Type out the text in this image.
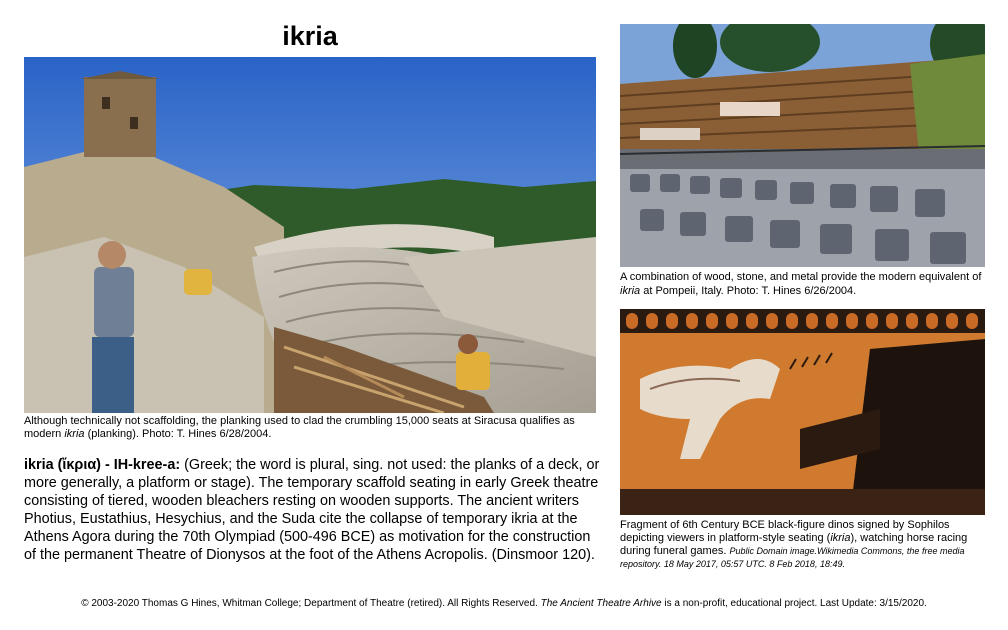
ikria
Although technically not scaffolding, the planking used to clad the crumbling 15,000 seats at Siracusa qualifies as modern ikria (planking). Photo: T. Hines 6/28/2004.
A combination of wood, stone, and metal provide the modern equivalent of ikria at Pompeii, Italy. Photo: T. Hines 6/26/2004.
Fragment of 6th Century BCE black-figure dinos signed by Sophilos depicting viewers in platform-style seating (ikria), watching horse racing during funeral games. Public Domain image.Wikimedia Commons, the free media repository. 18 May 2017, 05:57 UTC. 8 Feb 2018, 18:49.
ikria (ἴκρια) - IH-kree-a: (Greek; the word is plural, sing. not used: the planks of a deck, or more generally, a platform or stage). The temporary scaffold seating in early Greek theatre consisting of tiered, wooden bleachers resting on wooden supports. The ancient writers Photius, Eustathius, Hesychius, and the Suda cite the collapse of temporary ikria at the Athens Agora during the 70th Olympiad (500-496 BCE) as motivation for the construction of the permanent Theatre of Dionysos at the foot of the Athens Acropolis. (Dinsmoor 120).
© 2003-2020 Thomas G Hines, Whitman College; Department of Theatre (retired). All Rights Reserved. The Ancient Theatre Arhive is a non-profit, educational project. Last Update: 3/15/2020.
